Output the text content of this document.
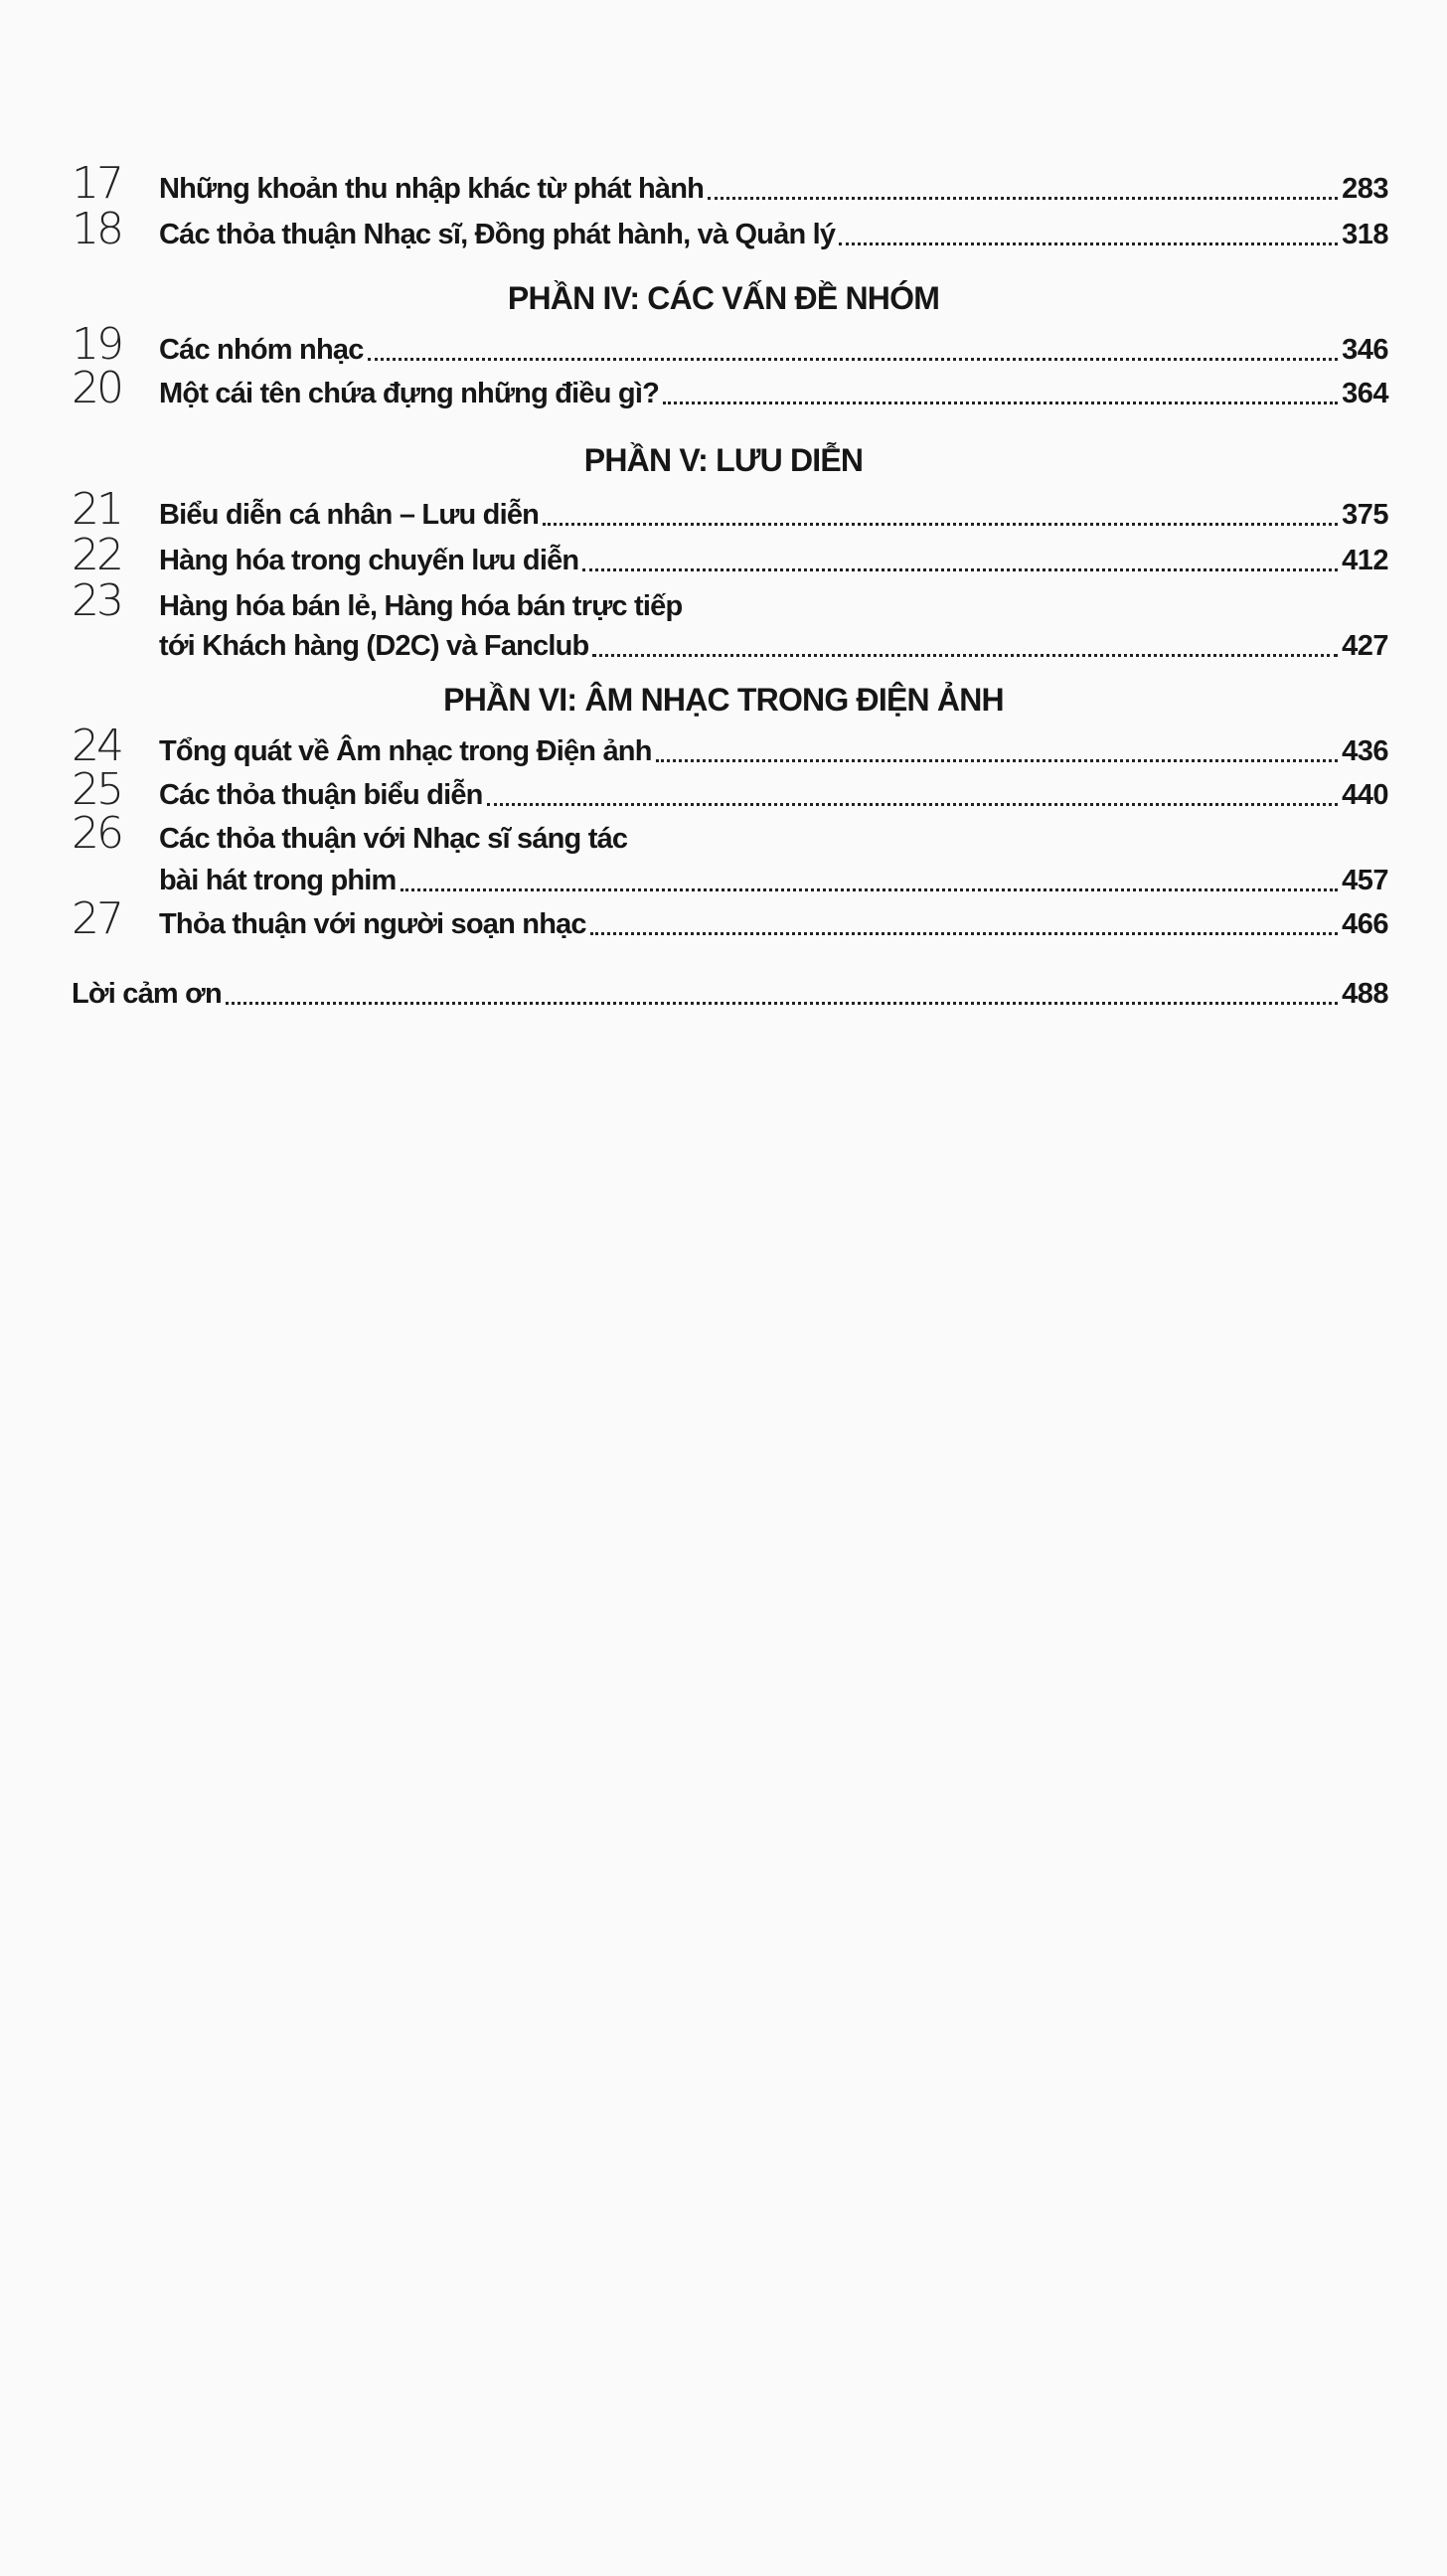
17	Những khoản thu nhập khác từ phát hành	283
18	Các thỏa thuận Nhạc sĩ, Đồng phát hành, và Quản lý	318
PHẦN IV: CÁC VẤN ĐỀ NHÓM
19	Các nhóm nhạc	346
20	Một cái tên chứa đựng những điều gì?	364
PHẦN V: LƯU DIỄN
21	Biểu diễn cá nhân – Lưu diễn	375
22	Hàng hóa trong chuyến lưu diễn	412
23	Hàng hóa bán lẻ, Hàng hóa bán trực tiếp
tới Khách hàng (D2C) và Fanclub	427
PHẦN VI: ÂM NHẠC TRONG ĐIỆN ẢNH
24	Tổng quát về Âm nhạc trong Điện ảnh	436
25	Các thỏa thuận biểu diễn	440
26	Các thỏa thuận với Nhạc sĩ sáng tác
bài hát trong phim	457
27	Thỏa thuận với người soạn nhạc	466
Lời cảm ơn	488
